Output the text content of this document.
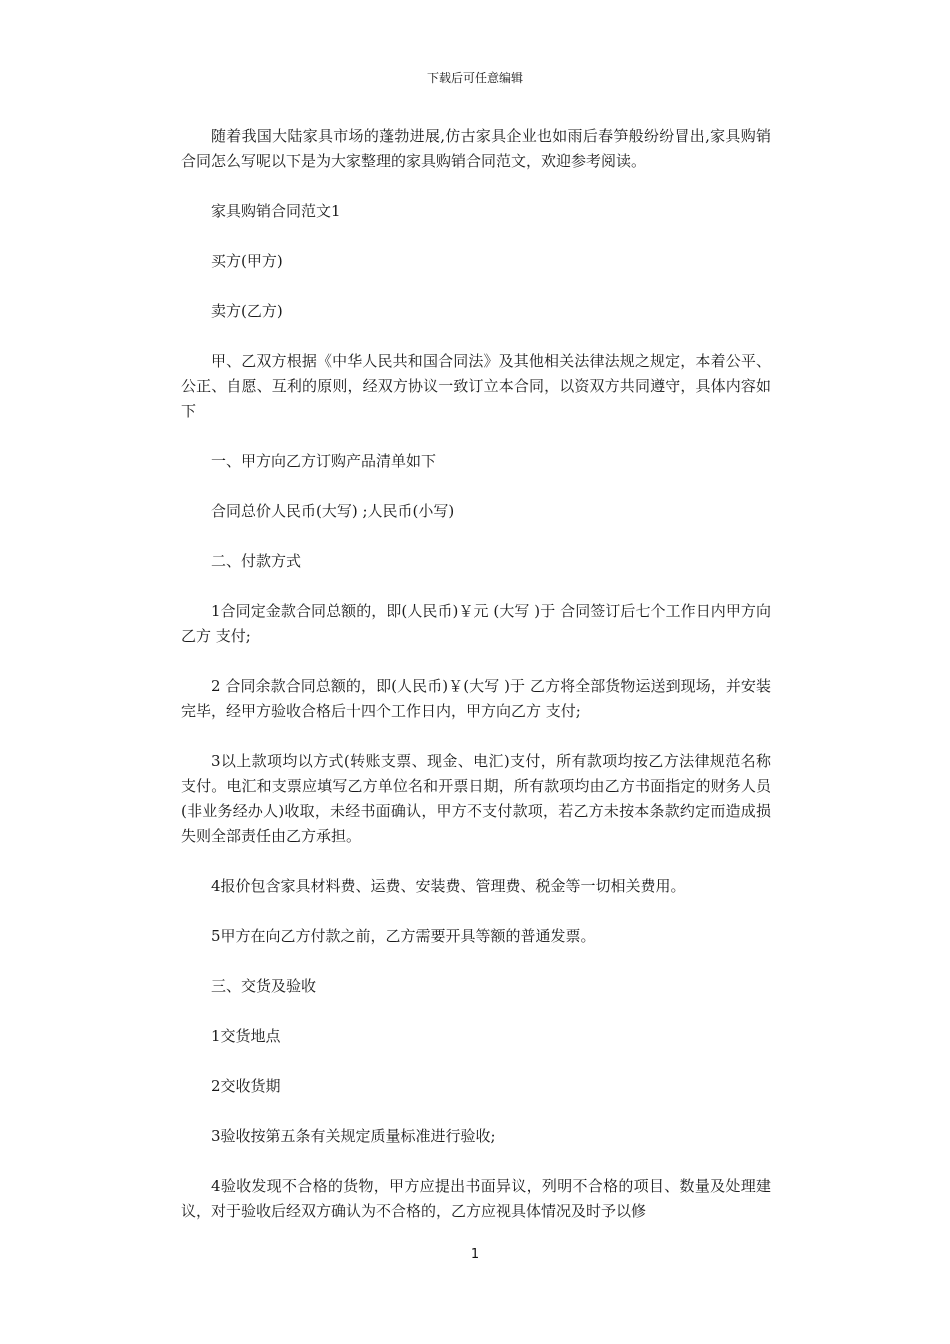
下载后可任意编辑

随着我国大陆家具市场的蓬勃进展,仿古家具企业也如雨后春笋般纷纷冒出,家具购销合同怎么写呢以下是为大家整理的家具购销合同范文，欢迎参考阅读。

家具购销合同范文1

买方(甲方)

卖方(乙方)

甲、乙双方根据《中华人民共和国合同法》及其他相关法律法规之规定，本着公平、公正、自愿、互利的原则，经双方协议一致订立本合同，以资双方共同遵守，具体内容如下

一、甲方向乙方订购产品清单如下

合同总价人民币(大写) ;人民币(小写)

二、付款方式

1合同定金款合同总额的，即(人民币)￥元 (大写 )于 合同签订后七个工作日内甲方向乙方 支付;

2 合同余款合同总额的，即(人民币)￥(大写 )于 乙方将全部货物运送到现场，并安装完毕，经甲方验收合格后十四个工作日内，甲方向乙方 支付;

3以上款项均以方式(转账支票、现金、电汇)支付，所有款项均按乙方法律规范名称支付。电汇和支票应填写乙方单位名和开票日期，所有款项均由乙方书面指定的财务人员(非业务经办人)收取，未经书面确认，甲方不支付款项，若乙方未按本条款约定而造成损失则全部责任由乙方承担。

4报价包含家具材料费、运费、安装费、管理费、税金等一切相关费用。

5甲方在向乙方付款之前，乙方需要开具等额的普通发票。

三、交货及验收

1交货地点

2交收货期

3验收按第五条有关规定质量标准进行验收;

4验收发现不合格的货物，甲方应提出书面异议，列明不合格的项目、数量及处理建议，对于验收后经双方确认为不合格的，乙方应视具体情况及时予以修

1
